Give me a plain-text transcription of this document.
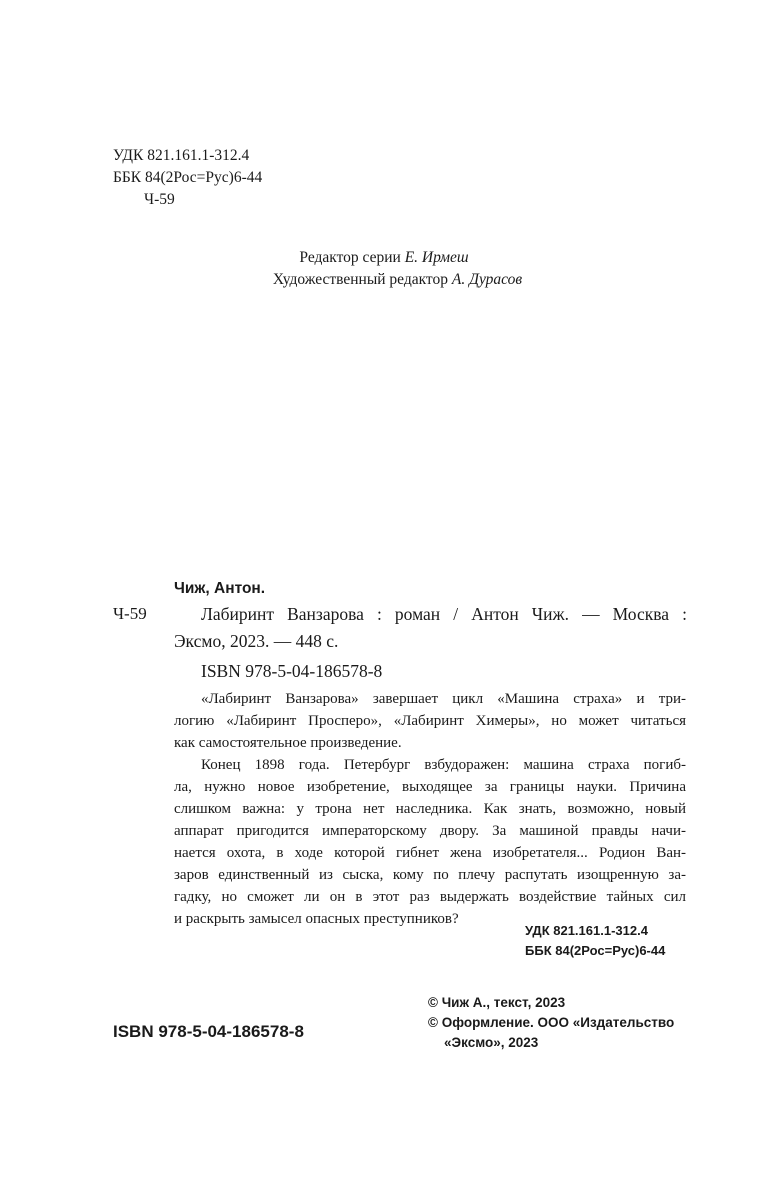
УДК 821.161.1-312.4
ББК 84(2Рос=Рус)6-44
Ч-59
Редактор серии Е. Ирмеш
Художественный редактор А. Дурасов
Чиж, Антон.
Ч-59	Лабиринт Ванзарова : роман / Антон Чиж. — Москва :
Эксмо, 2023. — 448 с.
ISBN 978-5-04-186578-8
«Лабиринт Ванзарова» завершает цикл «Машина страха» и три-
логию «Лабиринт Просперо», «Лабиринт Химеры», но может читаться
как самостоятельное произведение.
Конец 1898 года. Петербург взбудоражен: машина страха погиб-
ла, нужно новое изобретение, выходящее за границы науки. Причина
слишком важна: у трона нет наследника. Как знать, возможно, новый
аппарат пригодится императорскому двору. За машиной правды начи-
нается охота, в ходе которой гибнет жена изобретателя... Родион Ван-
заров единственный из сыска, кому по плечу распутать изощренную за-
гадку, но сможет ли он в этот раз выдержать воздействие тайных сил
и раскрыть замысел опасных преступников?
УДК 821.161.1-312.4
ББК 84(2Рос=Рус)6-44
ISBN 978-5-04-186578-8
© Чиж А., текст, 2023
© Оформление. ООО «Издательство
«Эксмо», 2023
